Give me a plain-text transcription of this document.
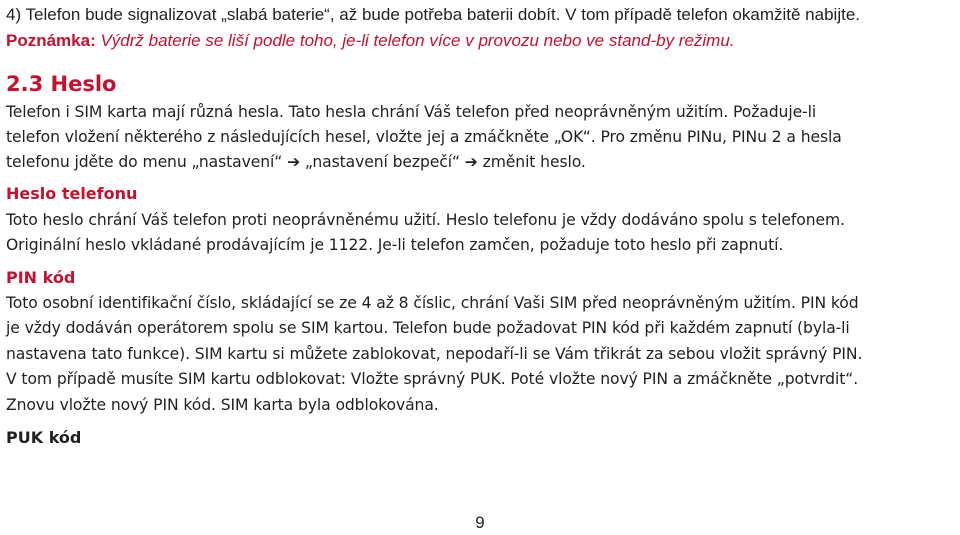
4) Telefon bude signalizovat „slabá baterie“, až bude potřeba baterii dobít. V tom případě telefon okamžitě nabijte.
Poznámka: Výdrž baterie se liší podle toho, je-li telefon více v provozu nebo ve stand-by režimu.
2.3 Heslo
Telefon i SIM karta mají různá hesla. Tato hesla chrání Váš telefon před neoprávněným užitím. Požaduje-li
telefon vložení některého z následujících hesel, vložte jej a zmáčkněte „OK“. Pro změnu PINu, PINu 2 a hesla
telefonu jděte do menu „nastavení“ ➔ „nastavení bezpečí“ ➔ změnit heslo.
Heslo telefonu
Toto heslo chrání Váš telefon proti neoprávněnému užití. Heslo telefonu je vždy dodáváno spolu s telefonem.
Originální heslo vkládané prodávajícím je 1122. Je-li telefon zamčen, požaduje toto heslo při zapnutí.
PIN kód
Toto osobní identifikační číslo, skládající se ze 4 až 8 číslic, chrání Vaši SIM před neoprávněným užitím. PIN kód
je vždy dodáván operátorem spolu se SIM kartou. Telefon bude požadovat PIN kód při každém zapnutí (byla-li
nastavena tato funkce). SIM kartu si můžete zablokovat, nepodaří-li se Vám třikrát za sebou vložit správný PIN.
V tom případě musíte SIM kartu odblokovat: Vložte správný PUK. Poté vložte nový PIN a zmáčkněte „potvrdit“.
Znovu vložte nový PIN kód. SIM karta byla odblokována.
PUK kód
9
